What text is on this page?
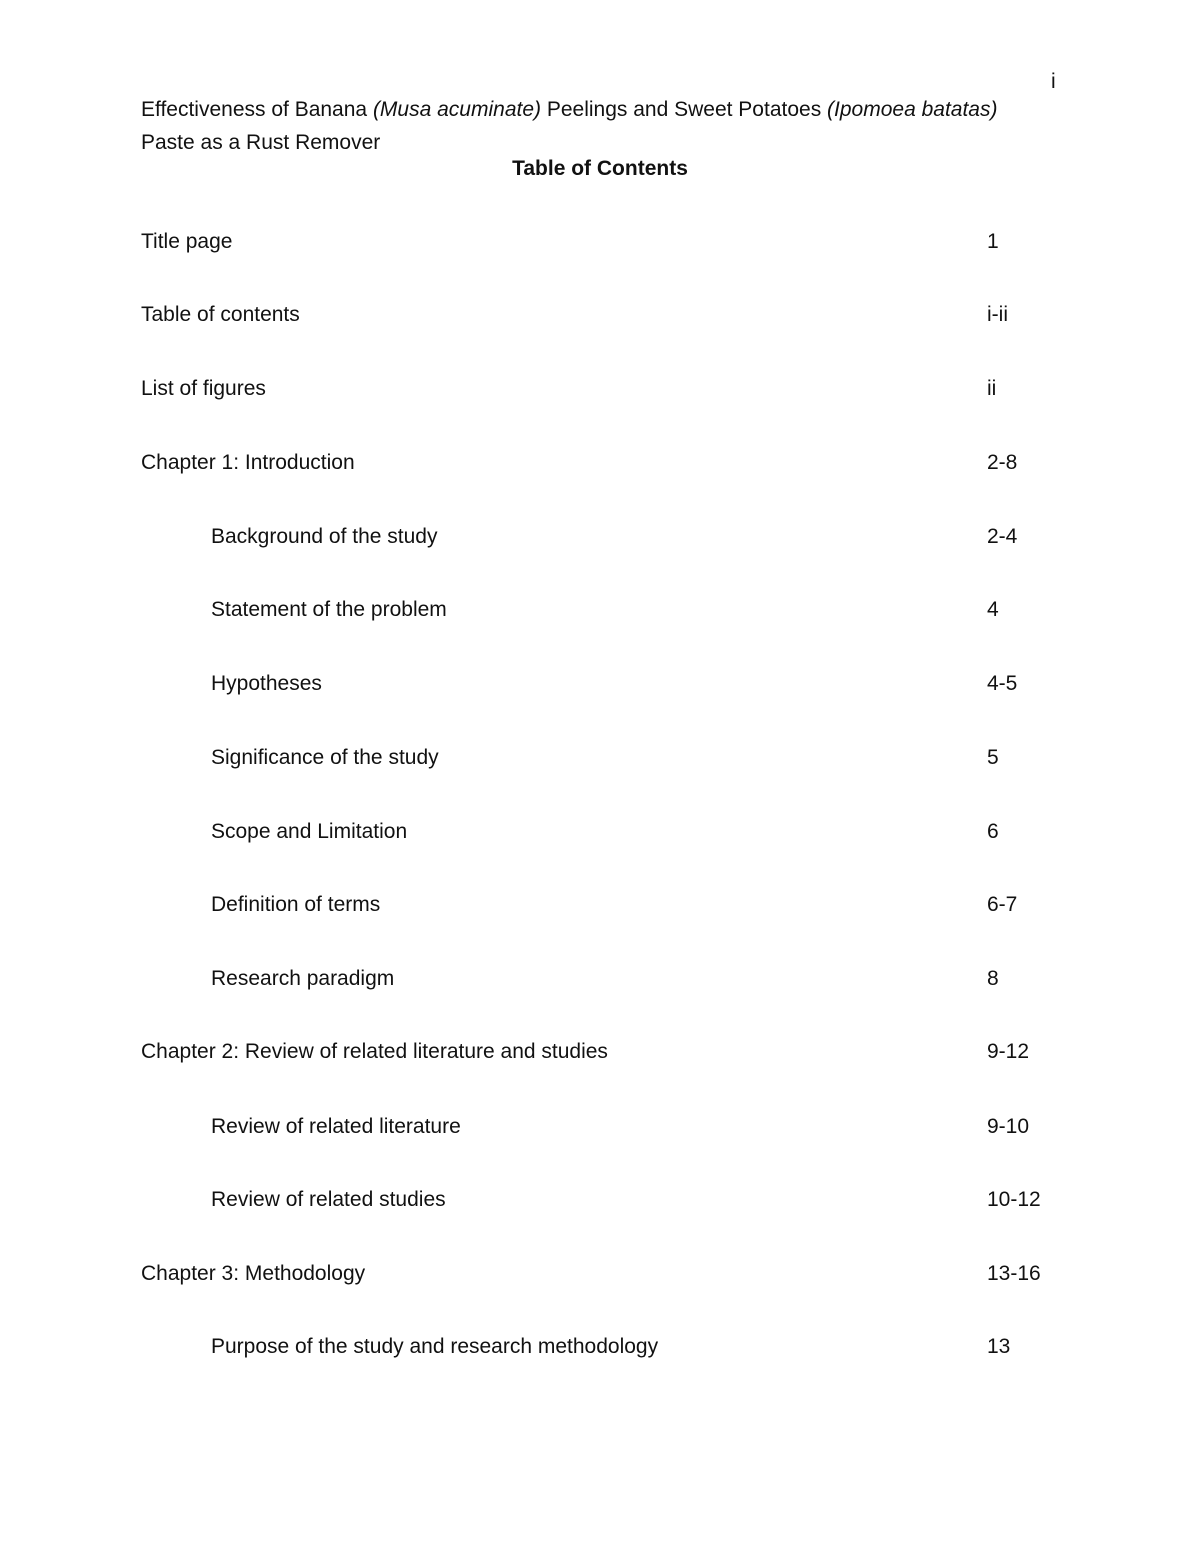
i
Effectiveness of Banana (Musa acuminate) Peelings and Sweet Potatoes (Ipomoea batatas) Paste as a Rust Remover
Table of Contents
Title page	1
Table of contents	i-ii
List of figures	ii
Chapter 1: Introduction	2-8
Background of the study	2-4
Statement of the problem	4
Hypotheses	4-5
Significance of the study	5
Scope and Limitation	6
Definition of terms	6-7
Research paradigm	8
Chapter 2: Review of related literature and studies	9-12
Review of related literature	9-10
Review of related studies	10-12
Chapter 3: Methodology	13-16
Purpose of the study and research methodology	13
